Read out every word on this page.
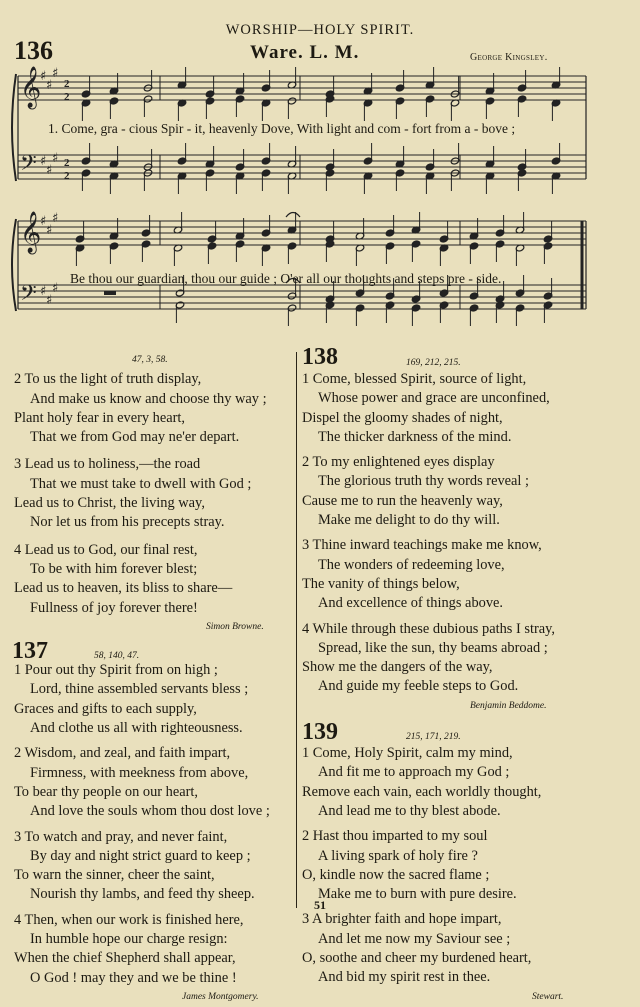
WORSHIP—HOLY SPIRIT.
136	Ware. L. M.	George Kingsley.
𝄞
𝄢
♯
♯
♯
♯
♯
♯
2
2
2
2
1. Come, gra - cious Spir - it, heavenly Dove, With light and com - fort from a - bove ;
𝄞
𝄢
♯
♯
♯
♯
♯
♯
Be thou our guardian, thou our guide ; O'er all our thoughts and steps pre - side.
47, 3, 58.
2 To us the light of truth display,
And make us know and choose thy way ;
Plant holy fear in every heart,
That we from God may ne'er depart.
3 Lead us to holiness,—the road
That we must take to dwell with God ;
Lead us to Christ, the living way,
Nor let us from his precepts stray.
4 Lead us to God, our final rest,
To be with him forever blest;
Lead us to heaven, its bliss to share—
Fullness of joy forever there!
Simon Browne.
137	58, 140, 47.
1 Pour out thy Spirit from on high ;
Lord, thine assembled servants bless ;
Graces and gifts to each supply,
And clothe us all with righteousness.
2 Wisdom, and zeal, and faith impart,
Firmness, with meekness from above,
To bear thy people on our heart,
And love the souls whom thou dost love ;
3 To watch and pray, and never faint,
By day and night strict guard to keep ;
To warn the sinner, cheer the saint,
Nourish thy lambs, and feed thy sheep.
4 Then, when our work is finished here,
In humble hope our charge resign:
When the chief Shepherd shall appear,
O God ! may they and we be thine !
James Montgomery.
138	169, 212, 215.
1 Come, blessed Spirit, source of light,
Whose power and grace are unconfined,
Dispel the gloomy shades of night,
The thicker darkness of the mind.
2 To my enlightened eyes display
The glorious truth thy words reveal ;
Cause me to run the heavenly way,
Make me delight to do thy will.
3 Thine inward teachings make me know,
The wonders of redeeming love,
The vanity of things below,
And excellence of things above.
4 While through these dubious paths I stray,
Spread, like the sun, thy beams abroad ;
Show me the dangers of the way,
And guide my feeble steps to God.
Benjamin Beddome.
139	215, 171, 219.
1 Come, Holy Spirit, calm my mind,
And fit me to approach my God ;
Remove each vain, each worldly thought,
And lead me to thy blest abode.
2 Hast thou imparted to my soul
A living spark of holy fire ?
O, kindle now the sacred flame ;
Make me to burn with pure desire.
3 A brighter faith and hope impart,
And let me now my Saviour see ;
O, soothe and cheer my burdened heart,
And bid my spirit rest in thee.
Stewart.
51
